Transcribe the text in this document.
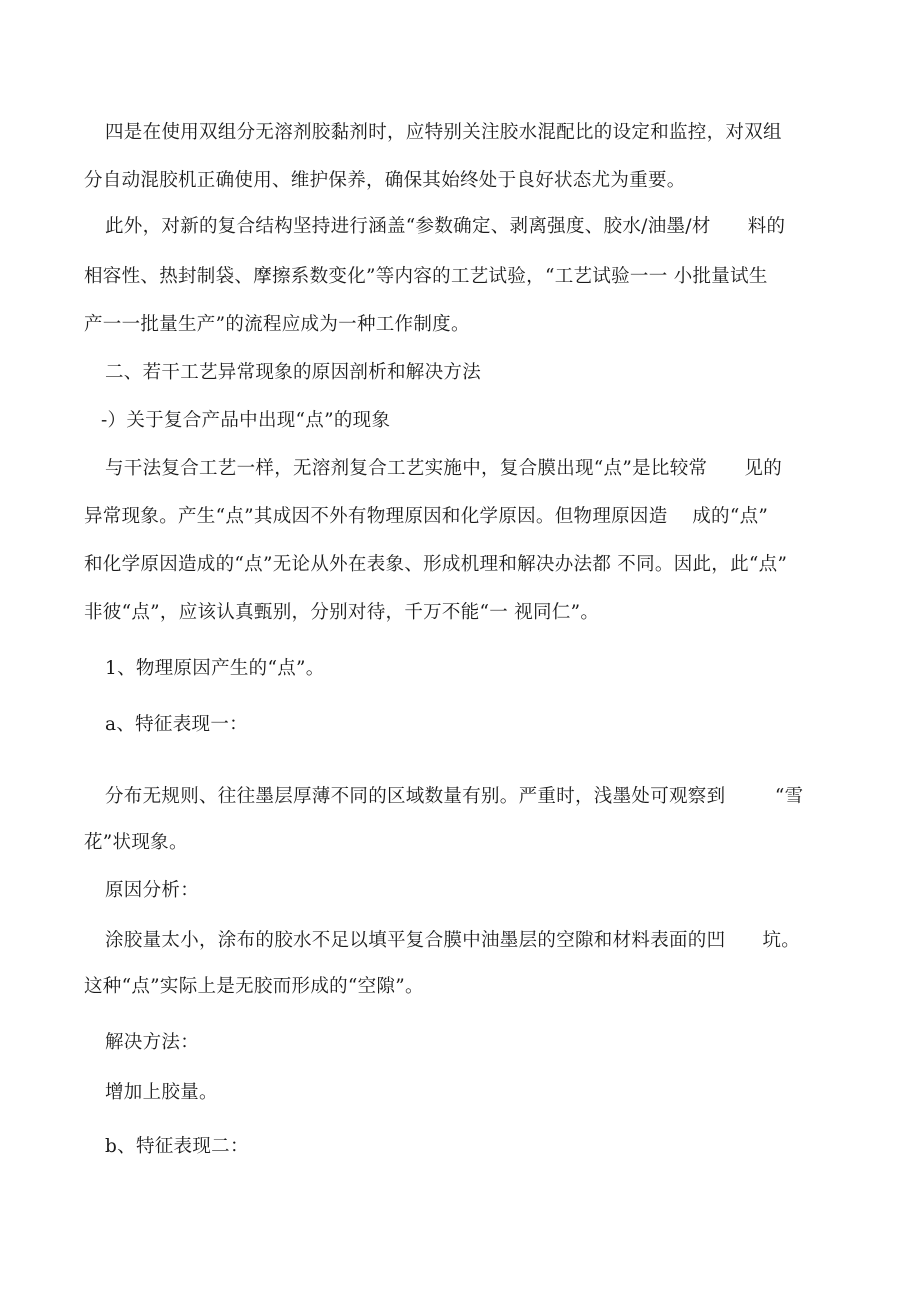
四是在使用双组分无溶剂胶黏剂时，应特别关注胶水混配比的设定和监控，对双组
分自动混胶机正确使用、维护保养，确保其始终处于良好状态尤为重要。
此外，对新的复合结构坚持进行涵盖“参数确定、剥离强度、胶水/油墨/材      料的
相容性、热封制袋、摩擦系数变化”等内容的工艺试验，“工艺试验一一 小批量试生
产一一批量生产”的流程应成为一种工作制度。
二、若干工艺异常现象的原因剖析和解决方法
-）关于复合产品中出现“点”的现象
与干法复合工艺一样，无溶剂复合工艺实施中，复合膜出现“点”是比较常      见的
异常现象。产生“点”其成因不外有物理原因和化学原因。但物理原因造    成的“点”
和化学原因造成的“点”无论从外在表象、形成机理和解决办法都 不同。因此，此“点”
非彼“点”，应该认真甄别，分别对待，千万不能“一 视同仁”。
1、物理原因产生的“点”。
a、特征表现一：
分布无规则、往往墨层厚薄不同的区域数量有别。严重时，浅墨处可观察到        “雪
花”状现象。
原因分析：
涂胶量太小，涂布的胶水不足以填平复合膜中油墨层的空隙和材料表面的凹      坑。
这种“点”实际上是无胶而形成的“空隙”。
解决方法：
增加上胶量。
b、特征表现二：
